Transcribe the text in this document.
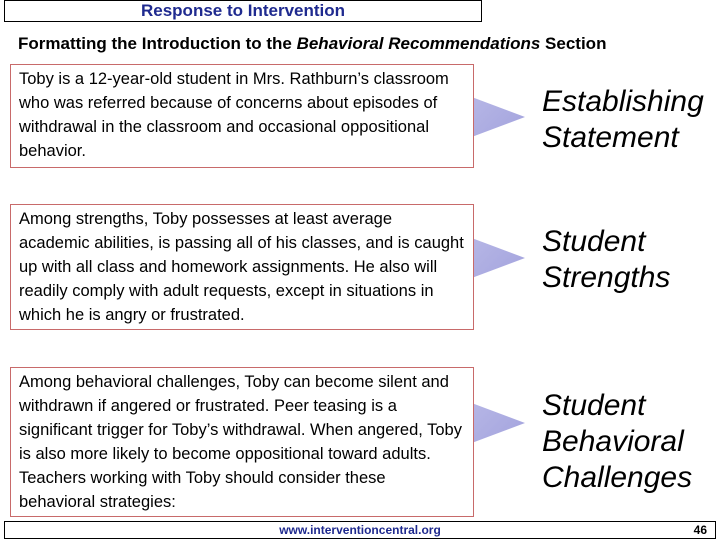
Response to Intervention
Formatting the Introduction to the Behavioral Recommendations Section
Toby is a 12-year-old student in Mrs. Rathburn’s classroom who was referred because of concerns about episodes of withdrawal in the classroom and occasional oppositional behavior.
Establishing
Statement
Among strengths, Toby possesses at least average academic abilities, is passing all of his classes, and is caught up with all class and homework assignments. He also will readily comply with adult requests, except in situations in which he is angry or frustrated.
Student
Strengths
Among behavioral challenges, Toby can become silent and withdrawn if angered or frustrated. Peer teasing is a significant trigger for Toby’s withdrawal. When angered, Toby is also more likely to become oppositional toward adults. Teachers working with Toby should consider these behavioral strategies:
Student
Behavioral
Challenges
www.interventioncentral.org	46
